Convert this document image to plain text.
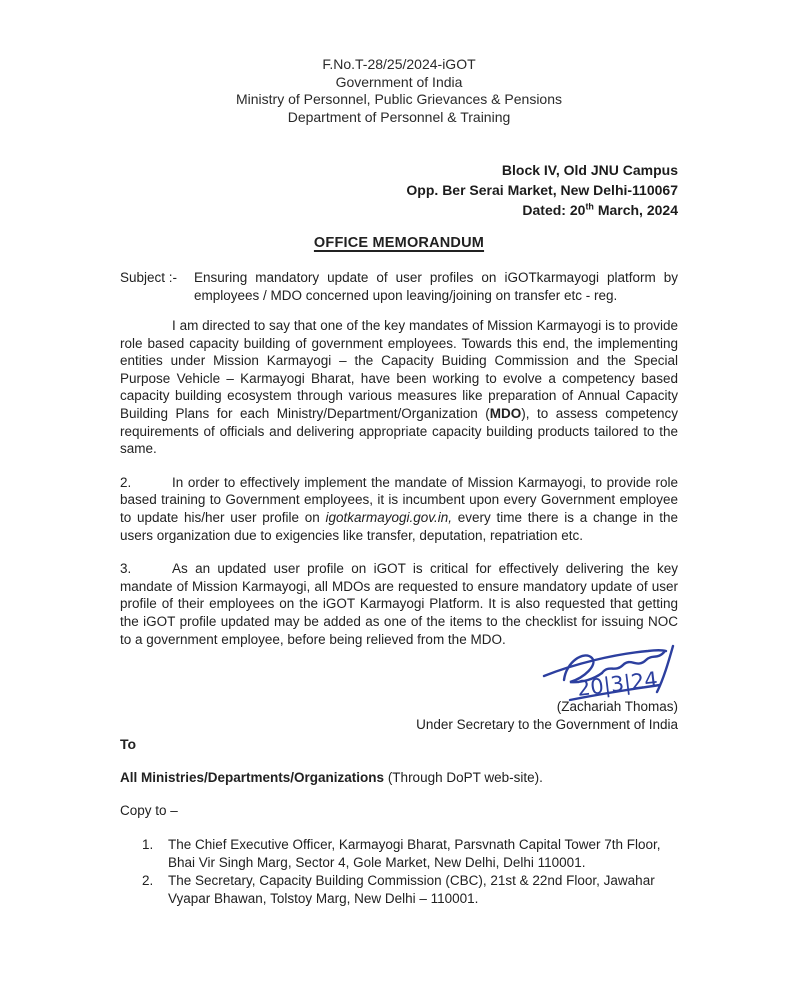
F.No.T-28/25/2024-iGOT
Government of India
Ministry of Personnel, Public Grievances & Pensions
Department of Personnel & Training
Block IV, Old JNU Campus
Opp. Ber Serai Market, New Delhi-110067
Dated: 20th March, 2024
OFFICE MEMORANDUM
Subject :-	Ensuring mandatory update of user profiles on iGOTkarmayogi platform by employees / MDO concerned upon leaving/joining on transfer etc - reg.
I am directed to say that one of the key mandates of Mission Karmayogi is to provide role based capacity building of government employees. Towards this end, the implementing entities under Mission Karmayogi – the Capacity Buiding Commission and the Special Purpose Vehicle – Karmayogi Bharat, have been working to evolve a competency based capacity building ecosystem through various measures like preparation of Annual Capacity Building Plans for each Ministry/Department/Organization (MDO), to assess competency requirements of officials and delivering appropriate capacity building products tailored to the same.
2.	In order to effectively implement the mandate of Mission Karmayogi, to provide role based training to Government employees, it is incumbent upon every Government employee to update his/her user profile on igotkarmayogi.gov.in, every time there is a change in the users organization due to exigencies like transfer, deputation, repatriation etc.
3.	As an updated user profile on iGOT is critical for effectively delivering the key mandate of Mission Karmayogi, all MDOs are requested to ensure mandatory update of user profile of their employees on the iGOT Karmayogi Platform. It is also requested that getting the iGOT profile updated may be added as one of the items to the checklist for issuing NOC to a government employee, before being relieved from the MDO.
20|3|24
(Zachariah Thomas)
Under Secretary to the Government of India
To
All Ministries/Departments/Organizations (Through DoPT web-site).
Copy to –
1.	The Chief Executive Officer, Karmayogi Bharat, Parsvnath Capital Tower 7th Floor, Bhai Vir Singh Marg, Sector 4, Gole Market, New Delhi, Delhi 110001.
2.	The Secretary, Capacity Building Commission (CBC), 21st & 22nd Floor, Jawahar Vyapar Bhawan, Tolstoy Marg, New Delhi – 110001.
